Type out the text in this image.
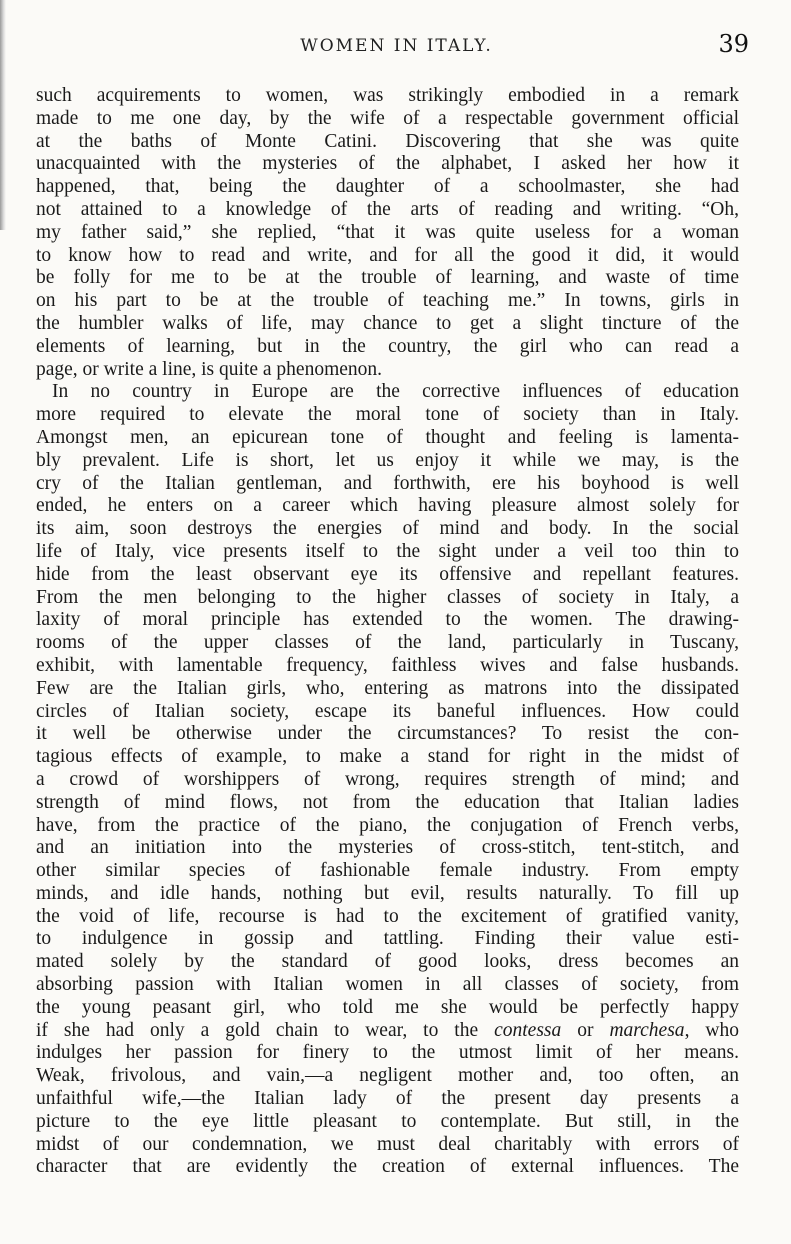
WOMEN IN ITALY.	39
such acquirements to women, was strikingly embodied in a remark
made to me one day, by the wife of a respectable government official
at the baths of Monte Catini. Discovering that she was quite
unacquainted with the mysteries of the alphabet, I asked her how it
happened, that, being the daughter of a schoolmaster, she had
not attained to a knowledge of the arts of reading and writing. “Oh,
my father said,” she replied, “that it was quite useless for a woman
to know how to read and write, and for all the good it did, it would
be folly for me to be at the trouble of learning, and waste of time
on his part to be at the trouble of teaching me.” In towns, girls in
the humbler walks of life, may chance to get a slight tincture of the
elements of learning, but in the country, the girl who can read a
page, or write a line, is quite a phenomenon.
In no country in Europe are the corrective influences of education
more required to elevate the moral tone of society than in Italy.
Amongst men, an epicurean tone of thought and feeling is lamenta-
bly prevalent. Life is short, let us enjoy it while we may, is the
cry of the Italian gentleman, and forthwith, ere his boyhood is well
ended, he enters on a career which having pleasure almost solely for
its aim, soon destroys the energies of mind and body. In the social
life of Italy, vice presents itself to the sight under a veil too thin to
hide from the least observant eye its offensive and repellant features.
From the men belonging to the higher classes of society in Italy, a
laxity of moral principle has extended to the women. The drawing-
rooms of the upper classes of the land, particularly in Tuscany,
exhibit, with lamentable frequency, faithless wives and false husbands.
Few are the Italian girls, who, entering as matrons into the dissipated
circles of Italian society, escape its baneful influences. How could
it well be otherwise under the circumstances? To resist the con-
tagious effects of example, to make a stand for right in the midst of
a crowd of worshippers of wrong, requires strength of mind; and
strength of mind flows, not from the education that Italian ladies
have, from the practice of the piano, the conjugation of French verbs,
and an initiation into the mysteries of cross-stitch, tent-stitch, and
other similar species of fashionable female industry. From empty
minds, and idle hands, nothing but evil, results naturally. To fill up
the void of life, recourse is had to the excitement of gratified vanity,
to indulgence in gossip and tattling. Finding their value esti-
mated solely by the standard of good looks, dress becomes an
absorbing passion with Italian women in all classes of society, from
the young peasant girl, who told me she would be perfectly happy
if she had only a gold chain to wear, to the contessa or marchesa, who
indulges her passion for finery to the utmost limit of her means.
Weak, frivolous, and vain,—a negligent mother and, too often, an
unfaithful wife,—the Italian lady of the present day presents a
picture to the eye little pleasant to contemplate. But still, in the
midst of our condemnation, we must deal charitably with errors of
character that are evidently the creation of external influences. The
